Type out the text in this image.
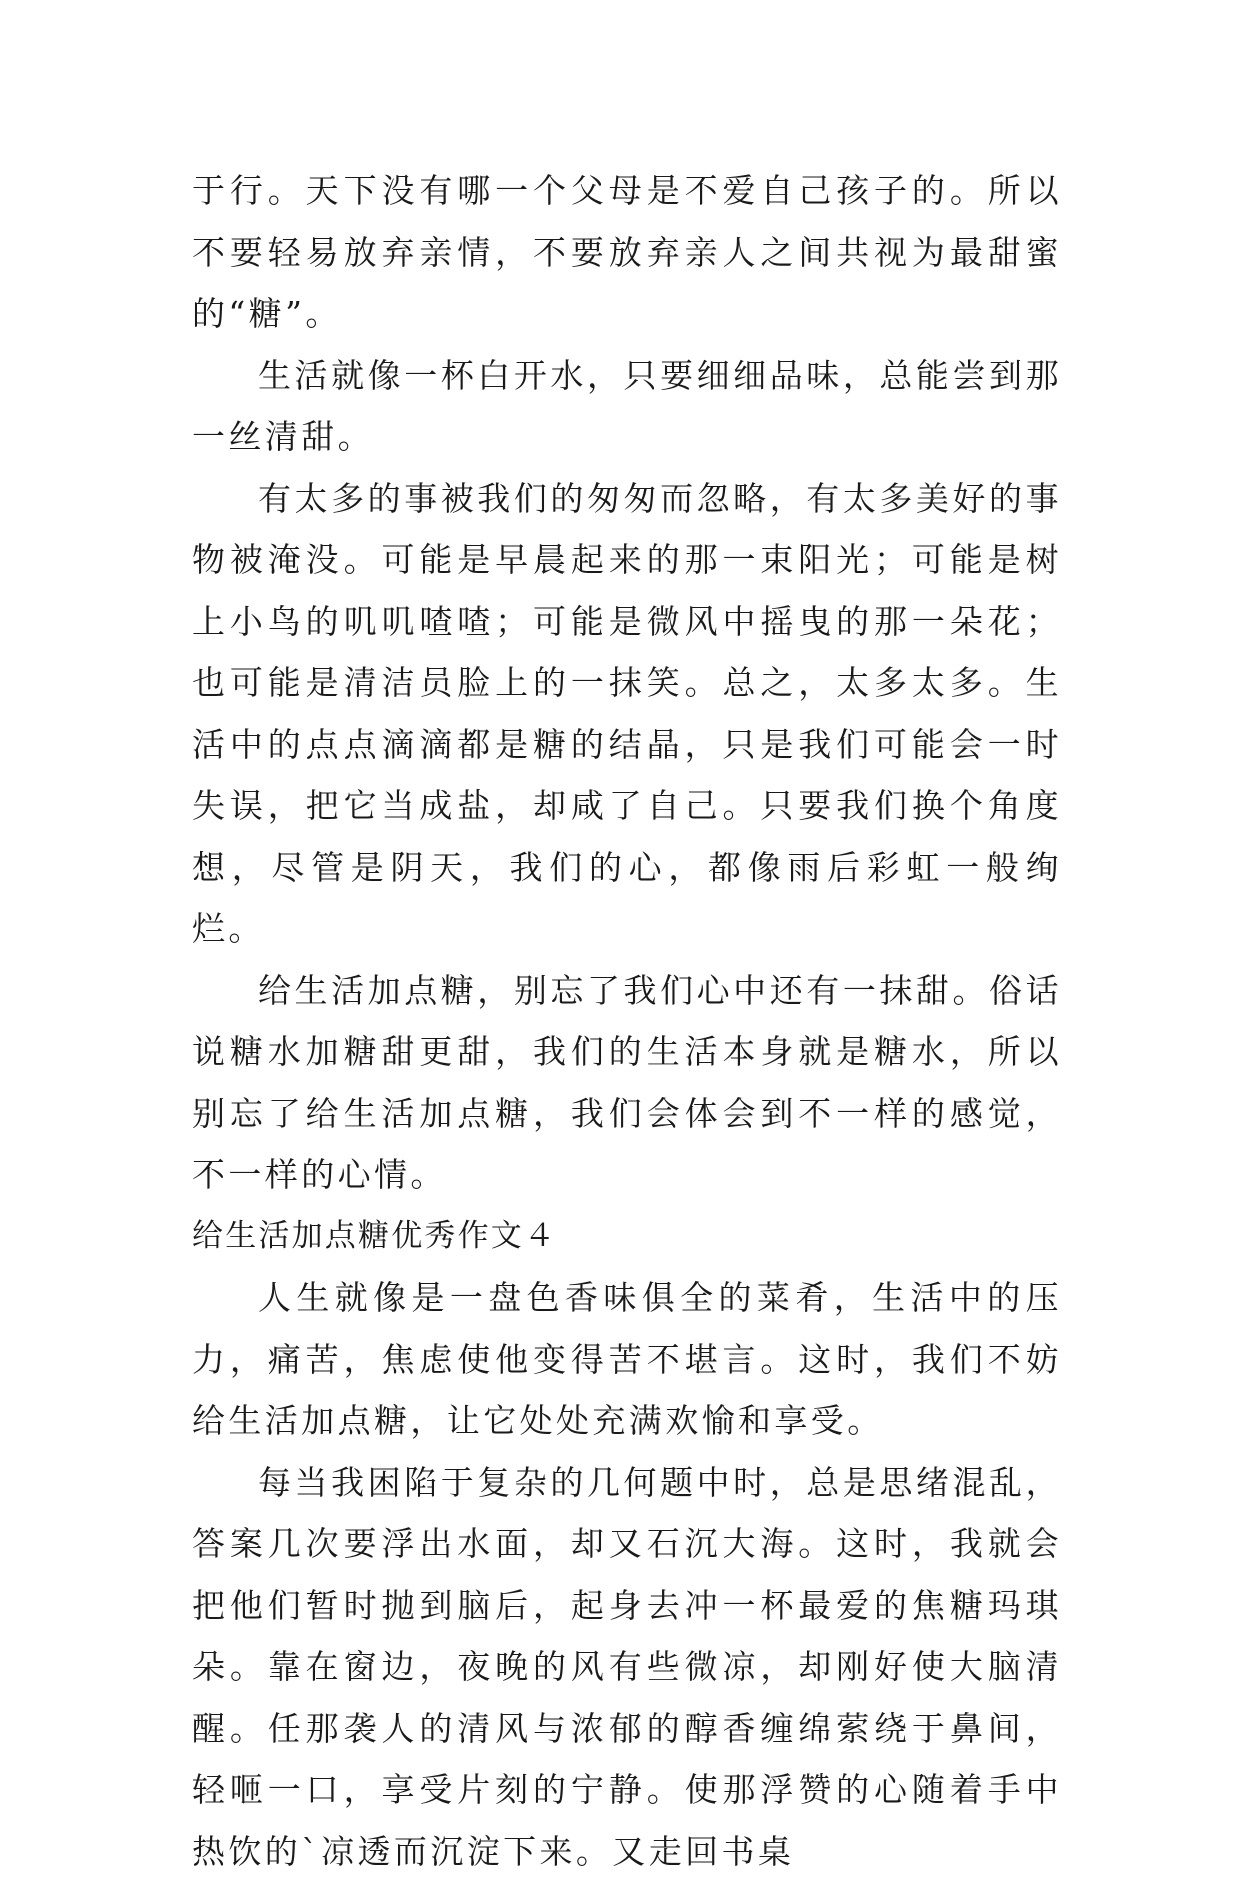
于行。天下没有哪一个父母是不爱自己孩子的。所以不要轻易放弃亲情，不要放弃亲人之间共视为最甜蜜的“糖”。

生活就像一杯白开水，只要细细品味，总能尝到那一丝清甜。

有太多的事被我们的匆匆而忽略，有太多美好的事物被淹没。可能是早晨起来的那一束阳光；可能是树上小鸟的叽叽喳喳；可能是微风中摇曳的那一朵花；也可能是清洁员脸上的一抹笑。总之，太多太多。生活中的点点滴滴都是糖的结晶，只是我们可能会一时失误，把它当成盐，却咸了自己。只要我们换个角度想，尽管是阴天，我们的心，都像雨后彩虹一般绚烂。

给生活加点糖，别忘了我们心中还有一抹甜。俗话说糖水加糖甜更甜，我们的生活本身就是糖水，所以别忘了给生活加点糖，我们会体会到不一样的感觉，不一样的心情。

给生活加点糖优秀作文４

人生就像是一盘色香味俱全的菜肴，生活中的压力，痛苦，焦虑使他变得苦不堪言。这时，我们不妨给生活加点糖，让它处处充满欢愉和享受。

每当我困陷于复杂的几何题中时，总是思绪混乱，答案几次要浮出水面，却又石沉大海。这时，我就会把他们暂时抛到脑后，起身去冲一杯最爱的焦糖玛琪朵。靠在窗边，夜晚的风有些微凉，却刚好使大脑清醒。任那袭人的清风与浓郁的醇香缠绵萦绕于鼻间，轻咂一口，享受片刻的宁静。使那浮赞的心随着手中热饮的`凉透而沉淀下来。又走回书桌
